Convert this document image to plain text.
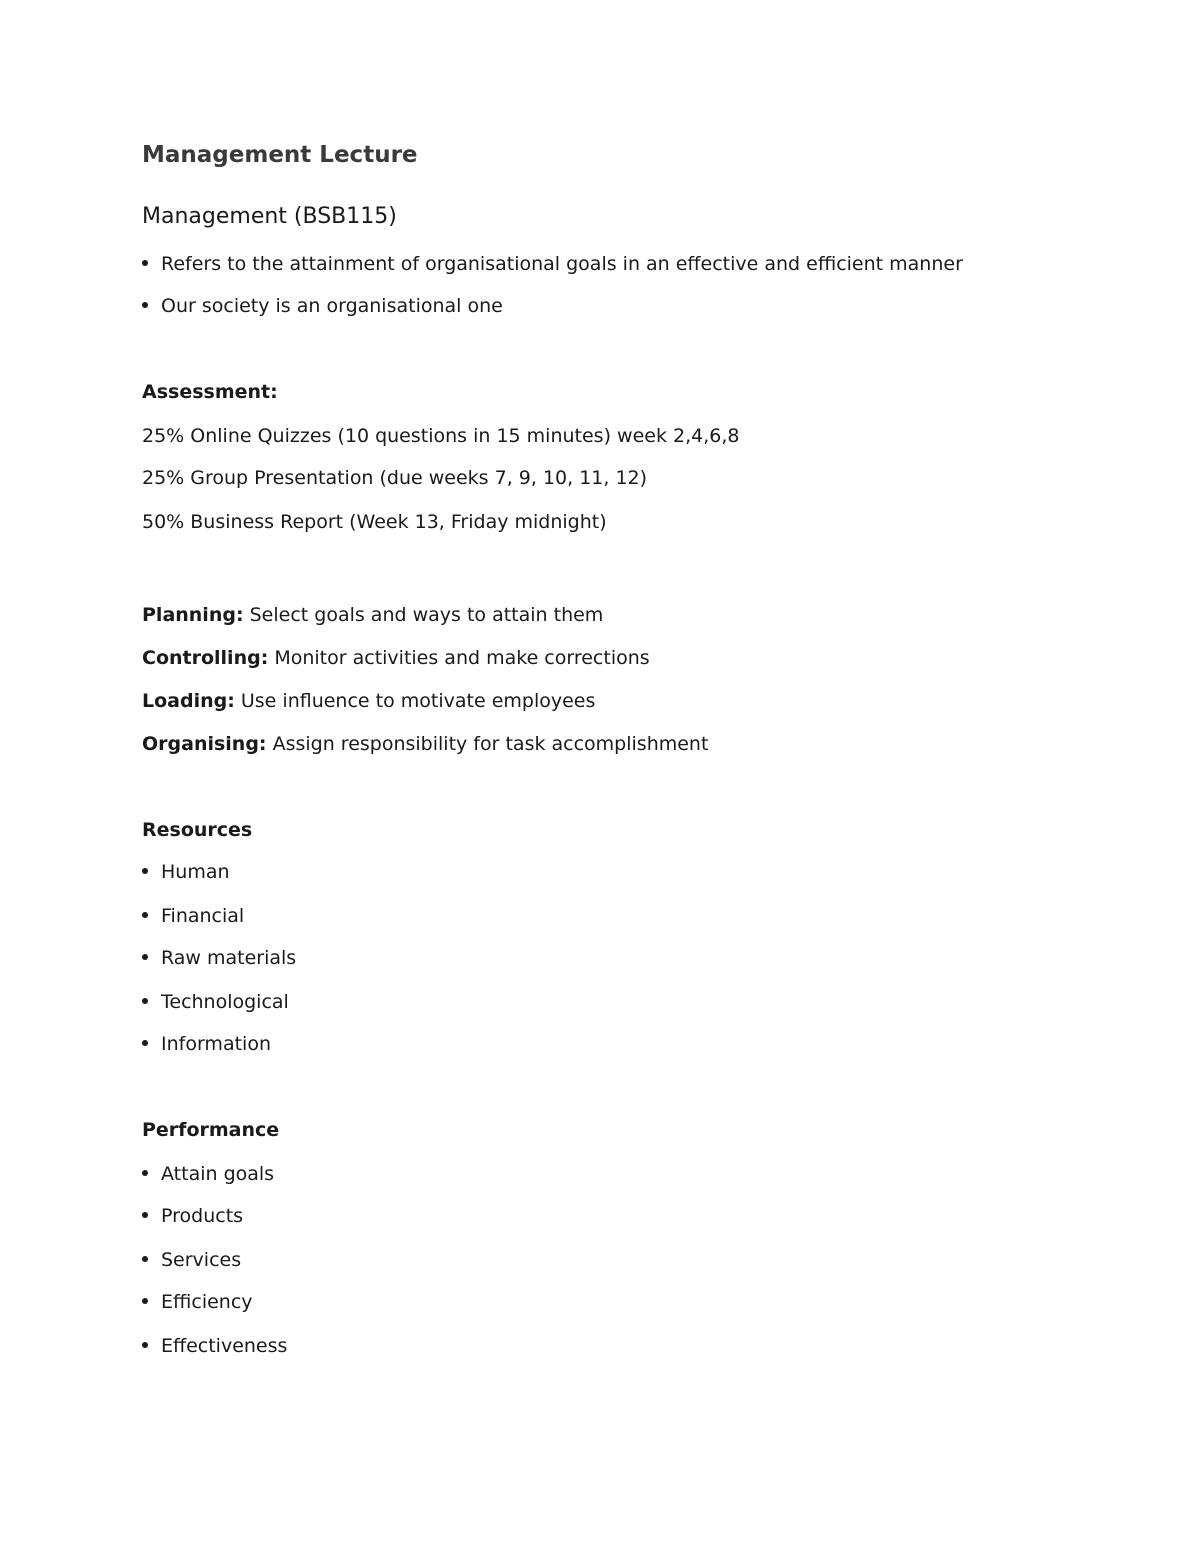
Management Lecture
Management (BSB115)
Refers to the attainment of organisational goals in an effective and efficient manner
Our society is an organisational one
Assessment:
25% Online Quizzes (10 questions in 15 minutes) week 2,4,6,8
25% Group Presentation (due weeks 7, 9, 10, 11, 12)
50% Business Report (Week 13, Friday midnight)
Planning: Select goals and ways to attain them
Controlling: Monitor activities and make corrections
Loading: Use influence to motivate employees
Organising: Assign responsibility for task accomplishment
Resources
Human
Financial
Raw materials
Technological
Information
Performance
Attain goals
Products
Services
Efficiency
Effectiveness
